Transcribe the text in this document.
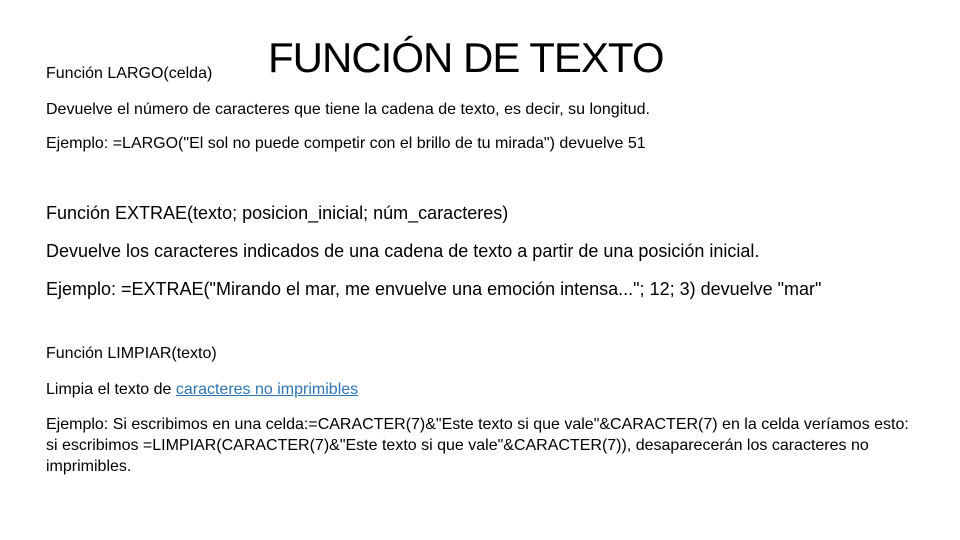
FUNCIÓN DE TEXTO

Función LARGO(celda)

Devuelve el número de caracteres que tiene la cadena de texto, es decir, su longitud.

Ejemplo: =LARGO("El sol no puede competir con el brillo de tu mirada") devuelve 51

Función EXTRAE(texto; posicion_inicial; núm_caracteres)

Devuelve los caracteres indicados de una cadena de texto a partir de una posición inicial.

Ejemplo: =EXTRAE("Mirando el mar, me envuelve una emoción intensa..."; 12; 3) devuelve "mar"

Función LIMPIAR(texto)

Limpia el texto de caracteres no imprimibles

Ejemplo: Si escribimos en una celda:=CARACTER(7)&"Este texto si que vale"&CARACTER(7) en la celda veríamos esto: si escribimos =LIMPIAR(CARACTER(7)&"Este texto si que vale"&CARACTER(7)), desaparecerán los caracteres no imprimibles.
